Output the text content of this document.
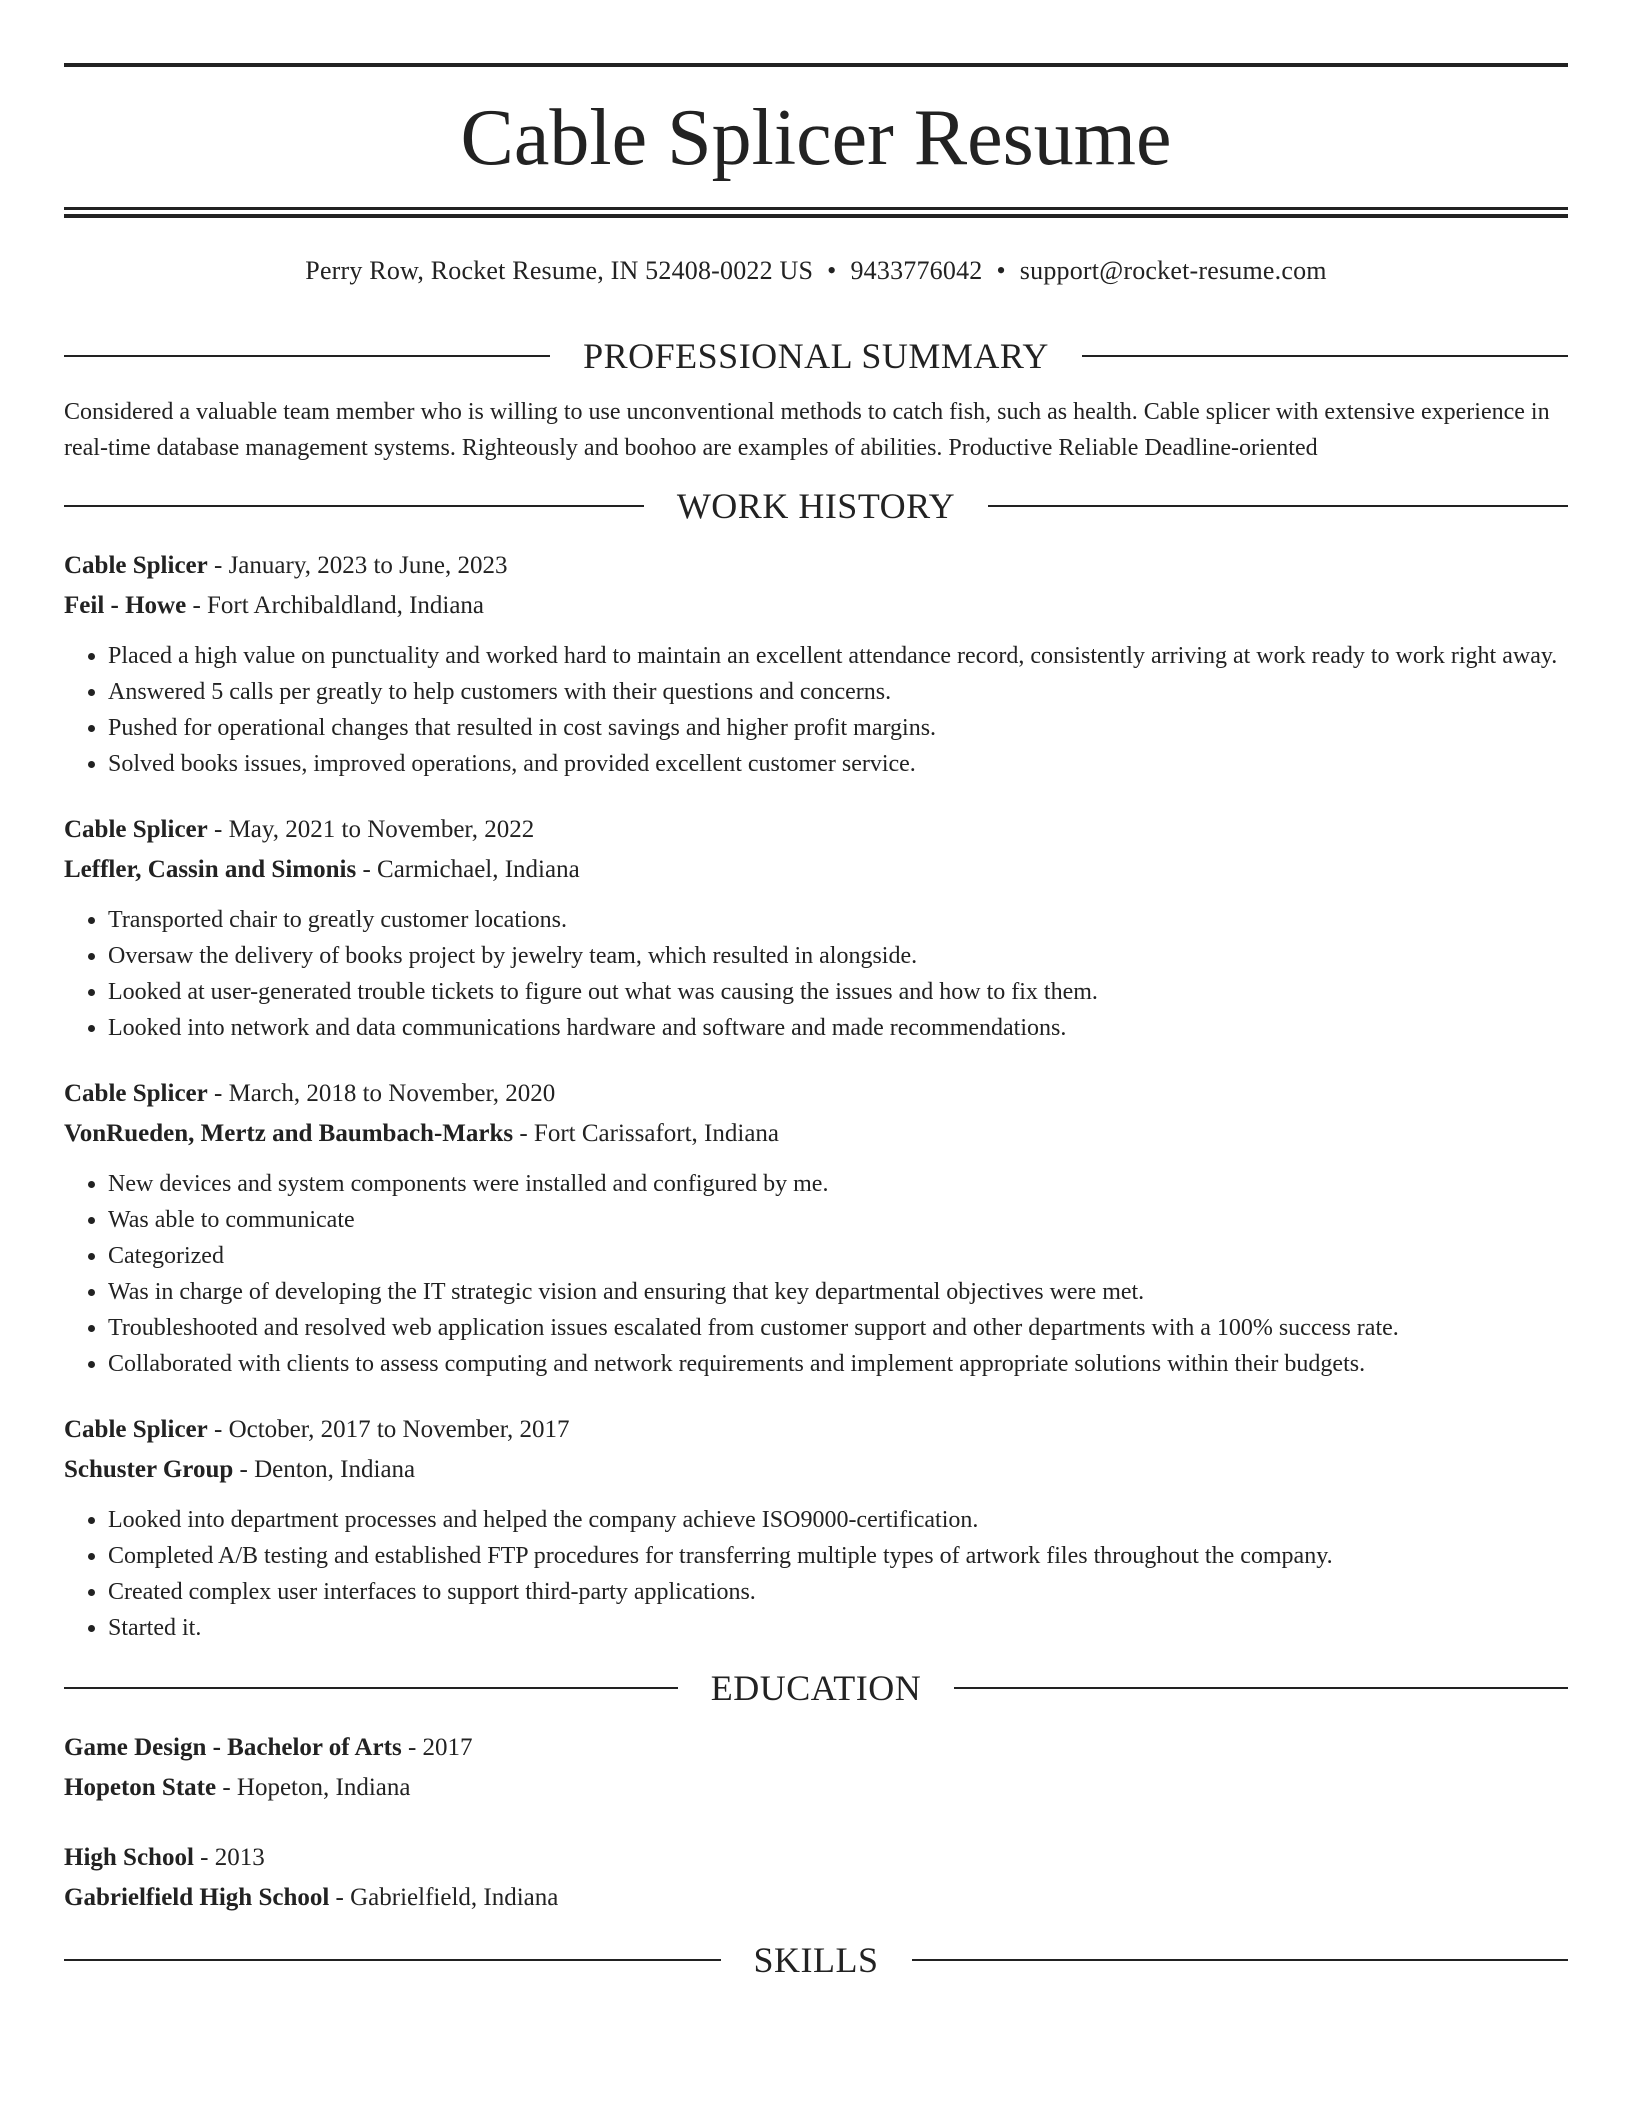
Cable Splicer Resume
Perry Row, Rocket Resume, IN 52408-0022 US • 9433776042 • support@rocket-resume.com
PROFESSIONAL SUMMARY

Considered a valuable team member who is willing to use unconventional methods to catch fish, such as health. Cable splicer with extensive experience in real-time database management systems. Righteously and boohoo are examples of abilities. Productive Reliable Deadline-oriented

WORK HISTORY
Cable Splicer - January, 2023 to June, 2023
Feil - Howe - Fort Archibaldland, Indiana
• Placed a high value on punctuality and worked hard to maintain an excellent attendance record, consistently arriving at work ready to work right away.
• Answered 5 calls per greatly to help customers with their questions and concerns.
• Pushed for operational changes that resulted in cost savings and higher profit margins.
• Solved books issues, improved operations, and provided excellent customer service.
Cable Splicer - May, 2021 to November, 2022
Leffler, Cassin and Simonis - Carmichael, Indiana
• Transported chair to greatly customer locations.
• Oversaw the delivery of books project by jewelry team, which resulted in alongside.
• Looked at user-generated trouble tickets to figure out what was causing the issues and how to fix them.
• Looked into network and data communications hardware and software and made recommendations.
Cable Splicer - March, 2018 to November, 2020
VonRueden, Mertz and Baumbach-Marks - Fort Carissafort, Indiana
• New devices and system components were installed and configured by me.
• Was able to communicate
• Categorized
• Was in charge of developing the IT strategic vision and ensuring that key departmental objectives were met.
• Troubleshooted and resolved web application issues escalated from customer support and other departments with a 100% success rate.
• Collaborated with clients to assess computing and network requirements and implement appropriate solutions within their budgets.
Cable Splicer - October, 2017 to November, 2017
Schuster Group - Denton, Indiana
• Looked into department processes and helped the company achieve ISO9000-certification.
• Completed A/B testing and established FTP procedures for transferring multiple types of artwork files throughout the company.
• Created complex user interfaces to support third-party applications.
• Started it.
EDUCATION
Game Design - Bachelor of Arts - 2017
Hopeton State - Hopeton, Indiana
High School - 2013
Gabrielfield High School - Gabrielfield, Indiana
SKILLS
